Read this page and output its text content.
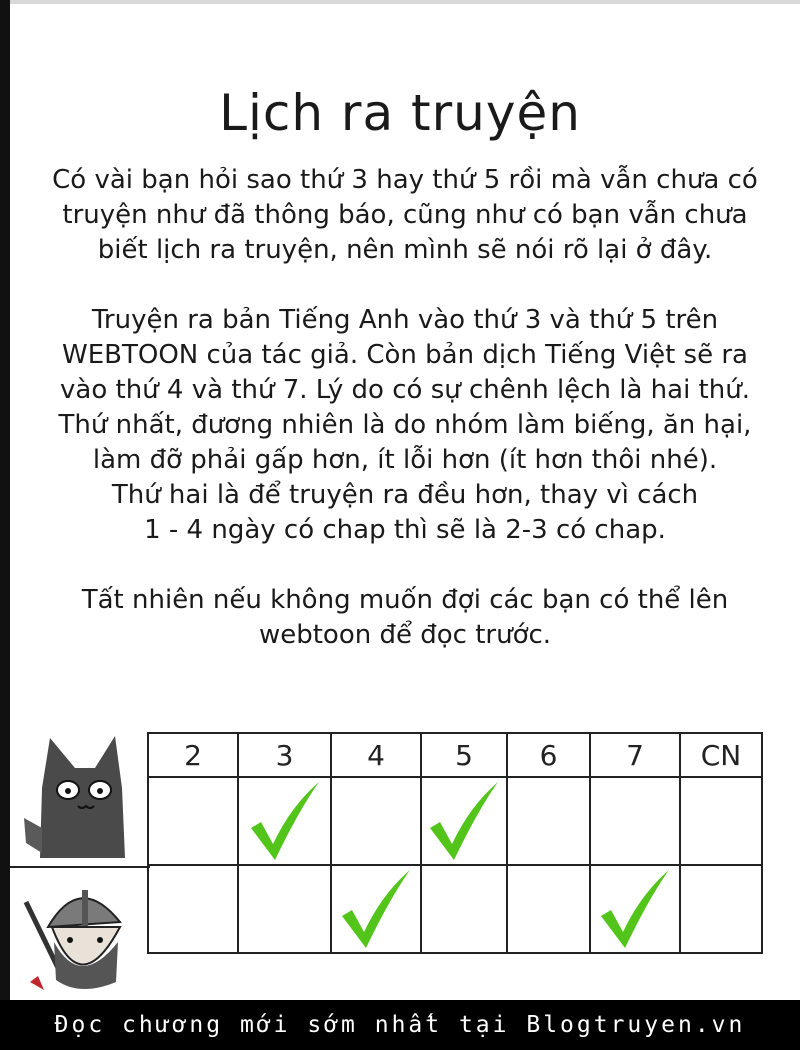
Lịch ra truyện

Có vài bạn hỏi sao thứ 3 hay thứ 5 rồi mà vẫn chưa có
truyện như đã thông báo, cũng như có bạn vẫn chưa
biết lịch ra truyện, nên mình sẽ nói rõ lại ở đây.

Truyện ra bản Tiếng Anh vào thứ 3 và thứ 5 trên
WEBTOON của tác giả. Còn bản dịch Tiếng Việt sẽ ra
vào thứ 4 và thứ 7. Lý do có sự chênh lệch là hai thứ.
Thứ nhất, đương nhiên là do nhóm làm biếng, ăn hại,
làm đỡ phải gấp hơn, ít lỗi hơn (ít hơn thôi nhé).
Thứ hai là để truyện ra đều hơn, thay vì cách
1 - 4 ngày có chap thì sẽ là 2-3 có chap.

Tất nhiên nếu không muốn đợi các bạn có thể lên
webtoon để đọc trước.

2	3	4	5	6	7	CN

Đọc chương mới sớm nhất tại Blogtruyen.vn
